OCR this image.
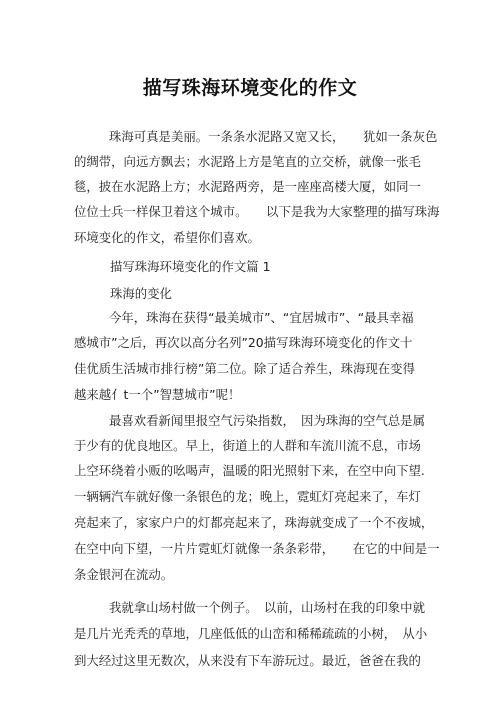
描写珠海环境变化的作文
珠海可真是美丽。一条条水泥路又宽又长，　　犹如一条灰色
的绸带，向远方飘去；水泥路上方是笔直的立交桥，就像一张毛
毯，披在水泥路上方；水泥路两旁，是一座座高楼大厦，如同一
位位士兵一样保卫着这个城市。　　以下是我为大家整理的描写珠海
环境变化的作文，希望你们喜欢。
描写珠海环境变化的作文篇 1
珠海的变化
今年，珠海在获得“最美城市”、“宜居城市”、“最具幸福
感城市”之后，再次以高分名列”20描写珠海环境变化的作文十
佳优质生活城市排行榜”第二位。除了适合养生，珠海现在变得
越来越亻t一个”智慧城市”呢！
最喜欢看新闻里报空气污染指数，　因为珠海的空气总是属
于少有的优良地区。早上，街道上的人群和车流川流不息，市场
上空环绕着小贩的吆喝声，温暖的阳光照射下来，在空中向下望.
一辆辆汽车就好像一条银色的龙；晚上，霓虹灯亮起来了，车灯
亮起来了，家家户户的灯都亮起来了，珠海就变成了一个不夜城，
在空中向下望，一片片霓虹灯就像一条条彩带，　　在它的中间是一
条金银河在流动。
我就拿山场村做一个例子。　以前，山场村在我的印象中就
是几片光秃秃的草地，几座低低的山峦和稀稀疏疏的小树，　从小
到大经过这里无数次，从来没有下车游玩过。最近，爸爸在我的
